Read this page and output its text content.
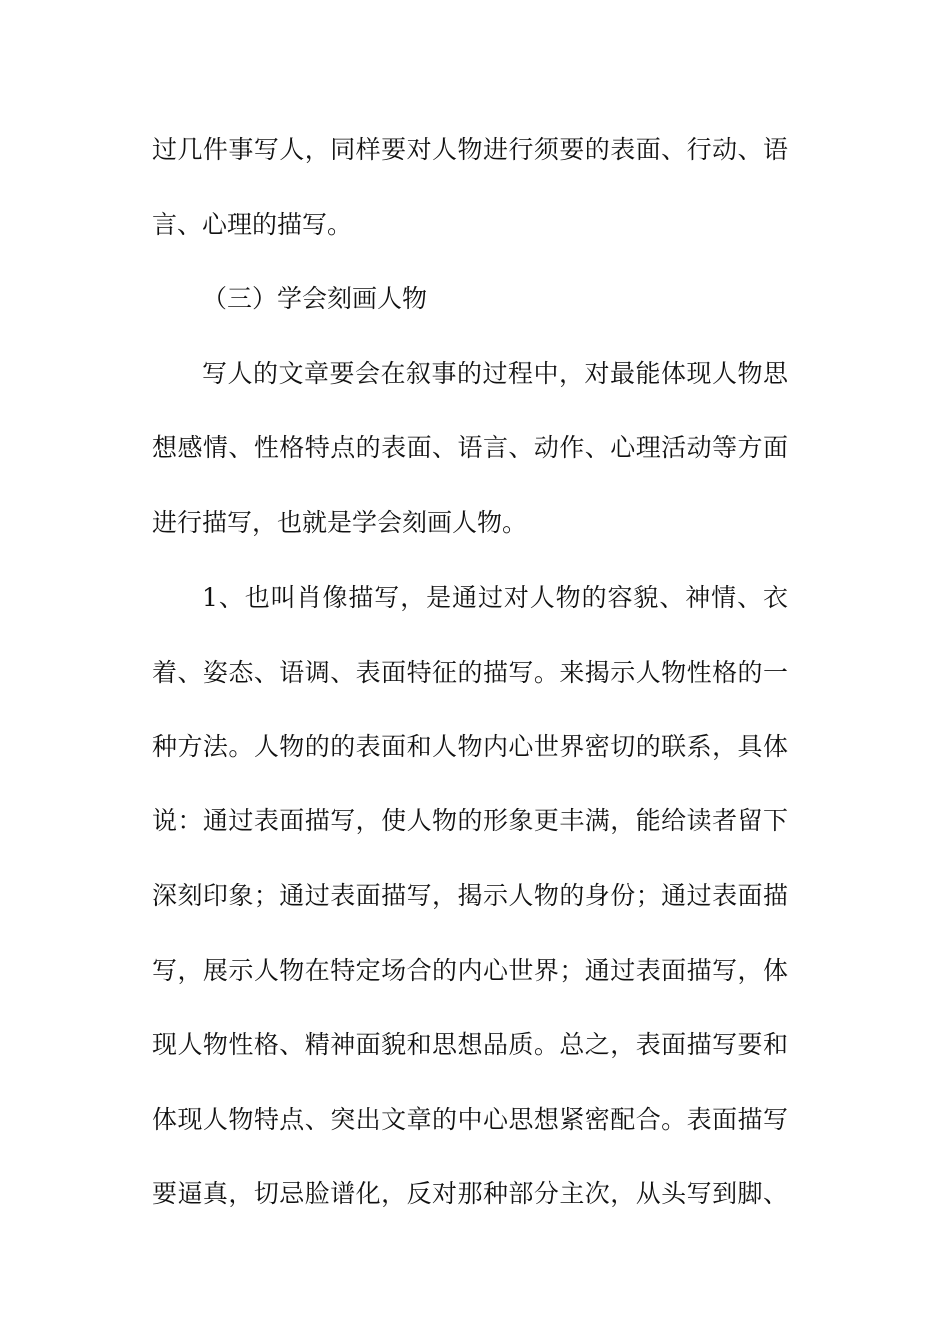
过几件事写人，同样要对人物进行须要的表面、行动、语
言、心理的描写。
（三）学会刻画人物
写人的文章要会在叙事的过程中，对最能体现人物思
想感情、性格特点的表面、语言、动作、心理活动等方面
进行描写，也就是学会刻画人物。
1、也叫肖像描写，是通过对人物的容貌、神情、衣
着、姿态、语调、表面特征的描写。来揭示人物性格的一
种方法。人物的的表面和人物内心世界密切的联系，具体
说：通过表面描写，使人物的形象更丰满，能给读者留下
深刻印象；通过表面描写，揭示人物的身份；通过表面描
写，展示人物在特定场合的内心世界；通过表面描写，体
现人物性格、精神面貌和思想品质。总之，表面描写要和
体现人物特点、突出文章的中心思想紧密配合。表面描写
要逼真，切忌脸谱化，反对那种部分主次，从头写到脚、
